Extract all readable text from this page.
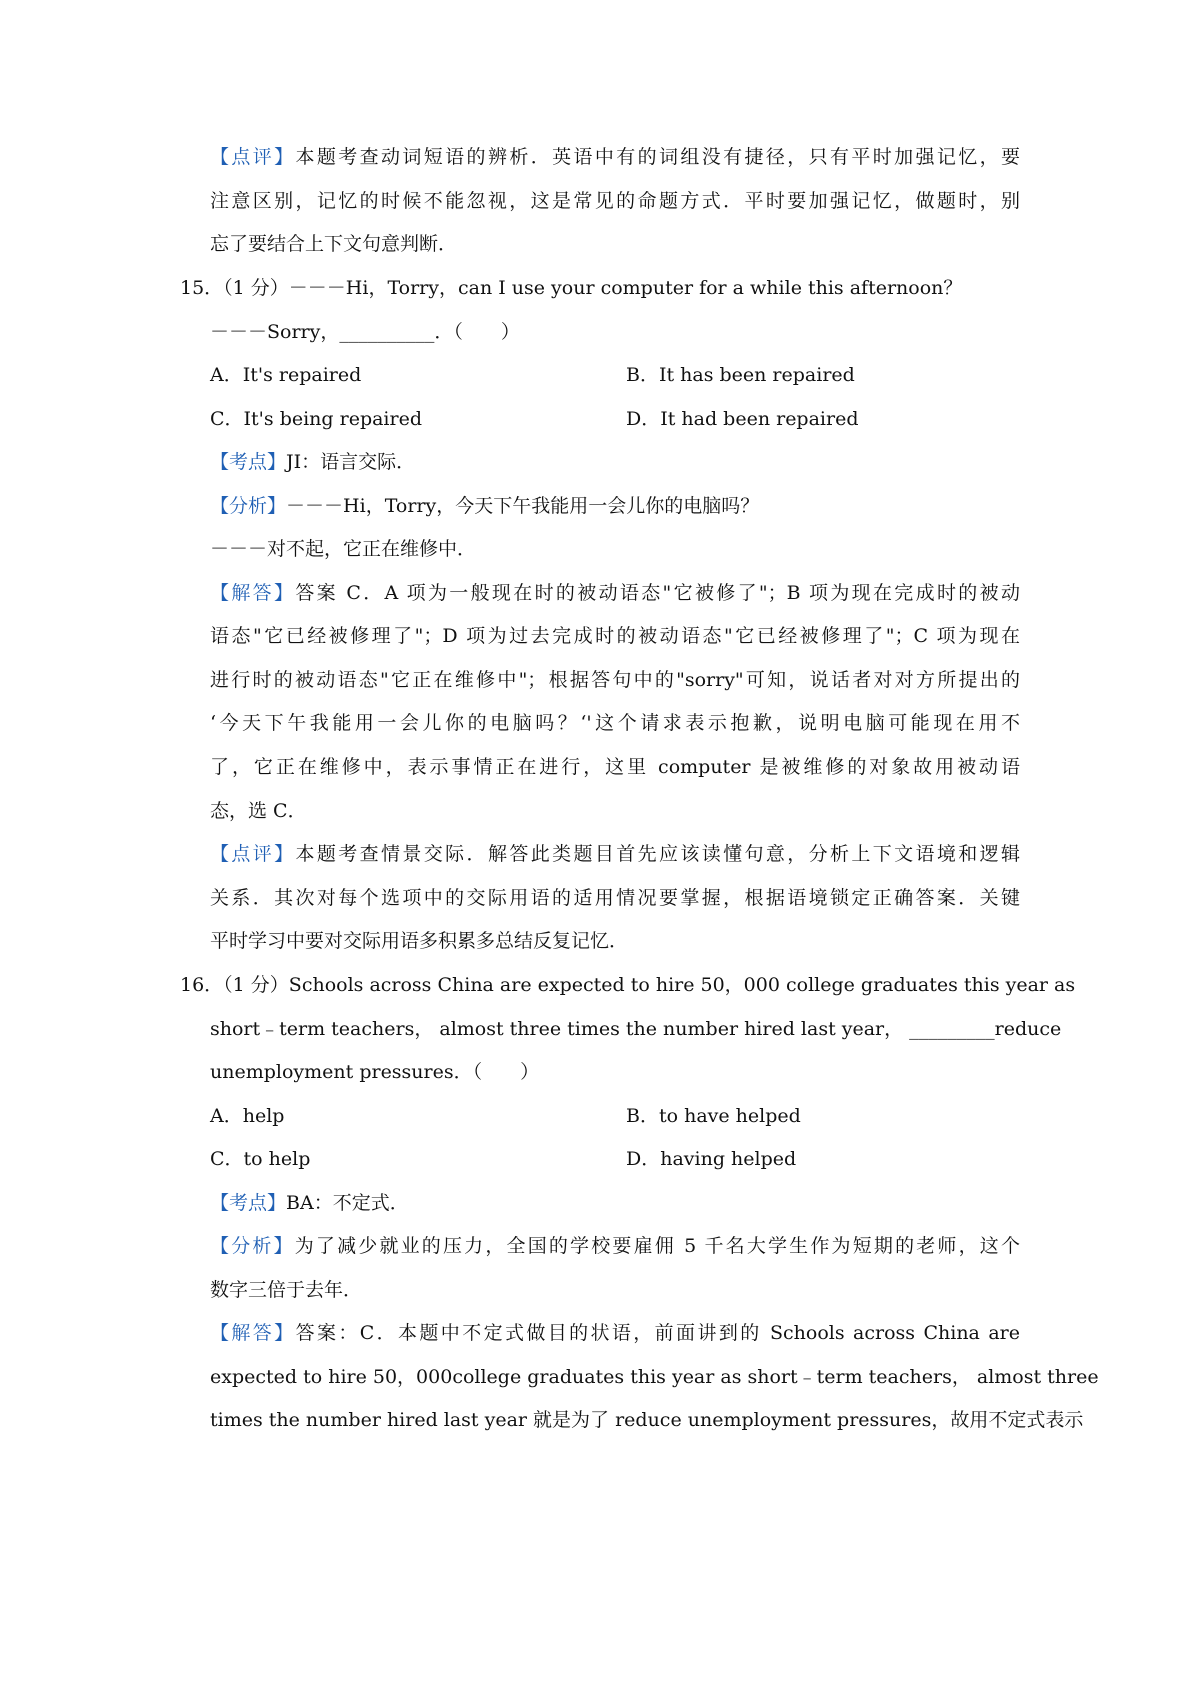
【点评】本题考查动词短语的辨析．英语中有的词组没有捷径，只有平时加强记忆，要
注意区别，记忆的时候不能忽视，这是常见的命题方式．平时要加强记忆，做题时，别
忘了要结合上下文句意判断．
15．（1 分）－－－Hi，Torry，can I use your computer for a while this afternoon？
－－－Sorry，__________．（　　）
A．It's repaired	B．It has been repaired
C．It's being repaired	D．It had been repaired
【考点】JI：语言交际．
【分析】－－－Hi，Torry，今天下午我能用一会儿你的电脑吗？
－－－对不起，它正在维修中．
【解答】答案 C．A 项为一般现在时的被动语态"它被修了"；B 项为现在完成时的被动
语态"它已经被修理了"；D 项为过去完成时的被动语态"它已经被修理了"；C 项为现在
进行时的被动语态"它正在维修中"；根据答句中的"sorry"可知，说话者对对方所提出的
‘今天下午我能用一会儿你的电脑吗？‘'这个请求表示抱歉，说明电脑可能现在用不
了，它正在维修中，表示事情正在进行，这里 computer 是被维修的对象故用被动语
态，选 C．
【点评】本题考查情景交际．解答此类题目首先应该读懂句意，分析上下文语境和逻辑
关系．其次对每个选项中的交际用语的适用情况要掌握，根据语境锁定正确答案．关键
平时学习中要对交际用语多积累多总结反复记忆．
16．（1 分）Schools across China are expected to hire 50，000 college graduates this year as
short﹣term teachers， almost three times the number hired last year， _________reduce
unemployment pressures．（　　）
A．help	B．to have helped
C．to help	D．having helped
【考点】BA：不定式．
【分析】为了减少就业的压力，全国的学校要雇佣 5 千名大学生作为短期的老师，这个
数字三倍于去年．
【解答】答案：C．本题中不定式做目的状语，前面讲到的 Schools across China are
expected to hire 50，000college graduates this year as short﹣term teachers， almost three
times the number hired last year 就是为了 reduce unemployment pressures，故用不定式表示
